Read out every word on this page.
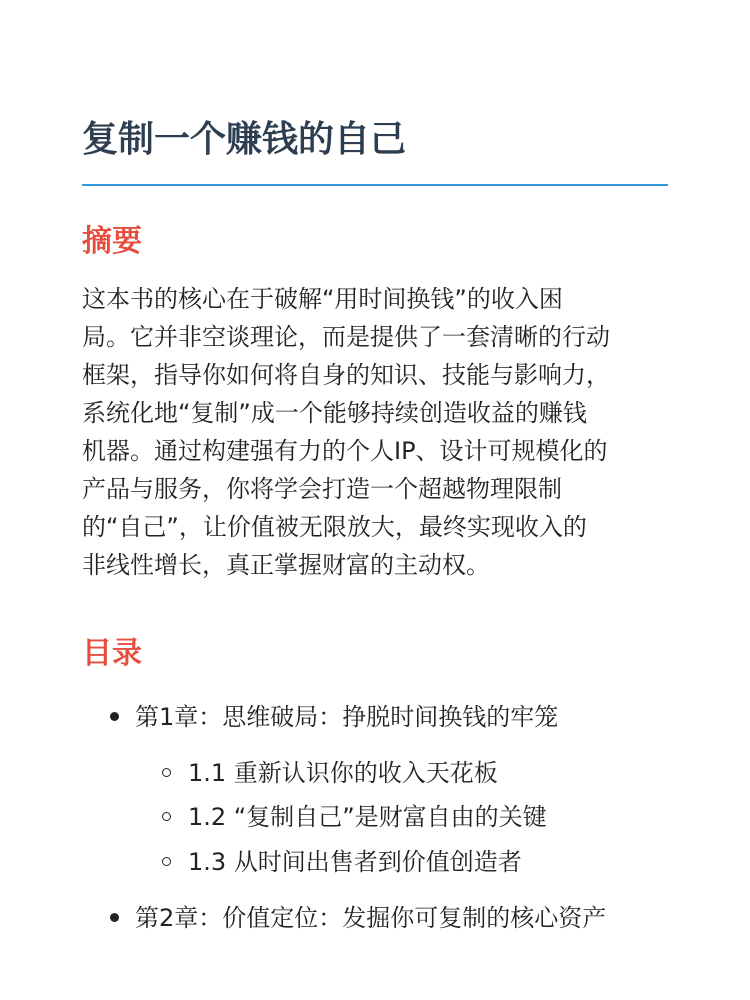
复制一个赚钱的自己
摘要
这本书的核心在于破解“用时间换钱”的收入困
局。它并非空谈理论，而是提供了一套清晰的行动
框架，指导你如何将自身的知识、技能与影响力，
系统化地“复制”成一个能够持续创造收益的赚钱
机器。通过构建强有力的个人IP、设计可规模化的
产品与服务，你将学会打造一个超越物理限制
的“自己”，让价值被无限放大，最终实现收入的
非线性增长，真正掌握财富的主动权。
目录
第1章：思维破局：挣脱时间换钱的牢笼
1.1 重新认识你的收入天花板
1.2 “复制自己”是财富自由的关键
1.3 从时间出售者到价值创造者
第2章：价值定位：发掘你可复制的核心资产
